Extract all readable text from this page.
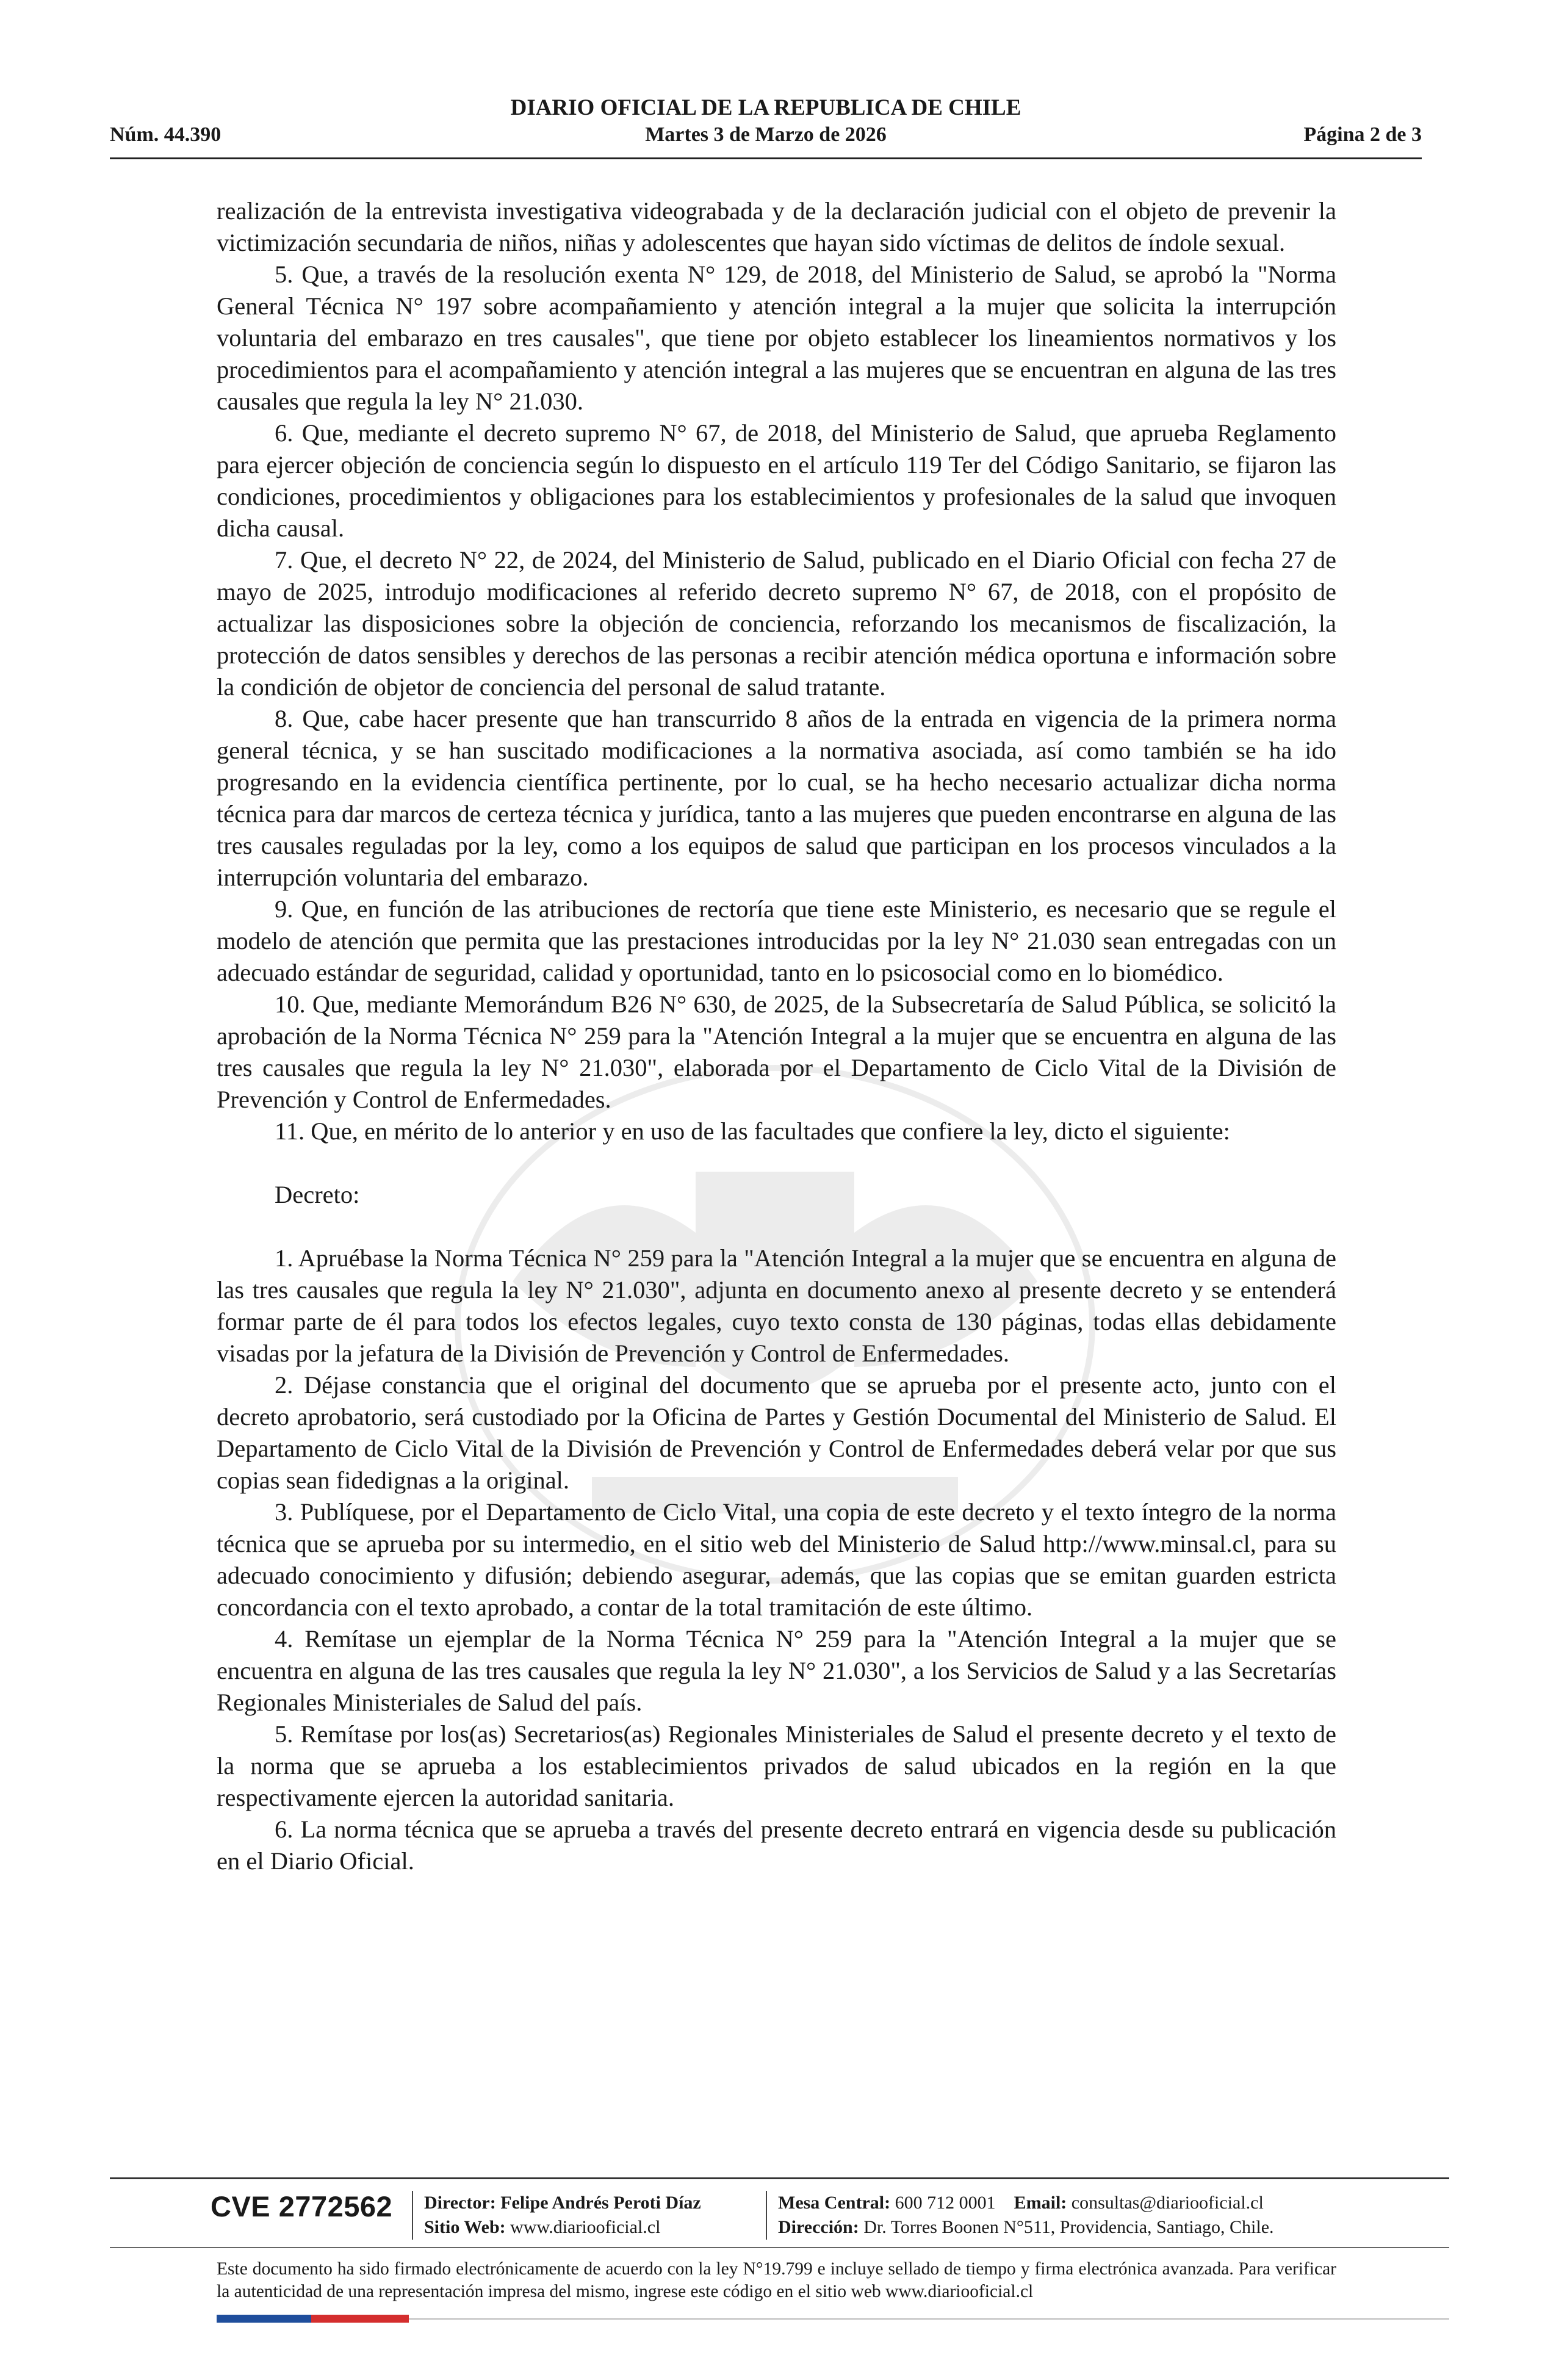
DIARIO OFICIAL DE LA REPUBLICA DE CHILE
Núm. 44.390	Martes 3 de Marzo de 2026	Página 2 de 3

realización de la entrevista investigativa videograbada y de la declaración judicial con el objeto de prevenir la victimización secundaria de niños, niñas y adolescentes que hayan sido víctimas de delitos de índole sexual.

5. Que, a través de la resolución exenta N° 129, de 2018, del Ministerio de Salud, se aprobó la "Norma General Técnica N° 197 sobre acompañamiento y atención integral a la mujer que solicita la interrupción voluntaria del embarazo en tres causales", que tiene por objeto establecer los lineamientos normativos y los procedimientos para el acompañamiento y atención integral a las mujeres que se encuentran en alguna de las tres causales que regula la ley N° 21.030.

6. Que, mediante el decreto supremo N° 67, de 2018, del Ministerio de Salud, que aprueba Reglamento para ejercer objeción de conciencia según lo dispuesto en el artículo 119 Ter del Código Sanitario, se fijaron las condiciones, procedimientos y obligaciones para los establecimientos y profesionales de la salud que invoquen dicha causal.

7. Que, el decreto N° 22, de 2024, del Ministerio de Salud, publicado en el Diario Oficial con fecha 27 de mayo de 2025, introdujo modificaciones al referido decreto supremo N° 67, de 2018, con el propósito de actualizar las disposiciones sobre la objeción de conciencia, reforzando los mecanismos de fiscalización, la protección de datos sensibles y derechos de las personas a recibir atención médica oportuna e información sobre la condición de objetor de conciencia del personal de salud tratante.

8. Que, cabe hacer presente que han transcurrido 8 años de la entrada en vigencia de la primera norma general técnica, y se han suscitado modificaciones a la normativa asociada, así como también se ha ido progresando en la evidencia científica pertinente, por lo cual, se ha hecho necesario actualizar dicha norma técnica para dar marcos de certeza técnica y jurídica, tanto a las mujeres que pueden encontrarse en alguna de las tres causales reguladas por la ley, como a los equipos de salud que participan en los procesos vinculados a la interrupción voluntaria del embarazo.

9. Que, en función de las atribuciones de rectoría que tiene este Ministerio, es necesario que se regule el modelo de atención que permita que las prestaciones introducidas por la ley N° 21.030 sean entregadas con un adecuado estándar de seguridad, calidad y oportunidad, tanto en lo psicosocial como en lo biomédico.

10. Que, mediante Memorándum B26 N° 630, de 2025, de la Subsecretaría de Salud Pública, se solicitó la aprobación de la Norma Técnica N° 259 para la "Atención Integral a la mujer que se encuentra en alguna de las tres causales que regula la ley N° 21.030", elaborada por el Departamento de Ciclo Vital de la División de Prevención y Control de Enfermedades.

11. Que, en mérito de lo anterior y en uso de las facultades que confiere la ley, dicto el siguiente:

Decreto:

1. Apruébase la Norma Técnica N° 259 para la "Atención Integral a la mujer que se encuentra en alguna de las tres causales que regula la ley N° 21.030", adjunta en documento anexo al presente decreto y se entenderá formar parte de él para todos los efectos legales, cuyo texto consta de 130 páginas, todas ellas debidamente visadas por la jefatura de la División de Prevención y Control de Enfermedades.

2. Déjase constancia que el original del documento que se aprueba por el presente acto, junto con el decreto aprobatorio, será custodiado por la Oficina de Partes y Gestión Documental del Ministerio de Salud. El Departamento de Ciclo Vital de la División de Prevención y Control de Enfermedades deberá velar por que sus copias sean fidedignas a la original.

3. Publíquese, por el Departamento de Ciclo Vital, una copia de este decreto y el texto íntegro de la norma técnica que se aprueba por su intermedio, en el sitio web del Ministerio de Salud http://www.minsal.cl, para su adecuado conocimiento y difusión; debiendo asegurar, además, que las copias que se emitan guarden estricta concordancia con el texto aprobado, a contar de la total tramitación de este último.

4. Remítase un ejemplar de la Norma Técnica N° 259 para la "Atención Integral a la mujer que se encuentra en alguna de las tres causales que regula la ley N° 21.030", a los Servicios de Salud y a las Secretarías Regionales Ministeriales de Salud del país.

5. Remítase por los(as) Secretarios(as) Regionales Ministeriales de Salud el presente decreto y el texto de la norma que se aprueba a los establecimientos privados de salud ubicados en la región en la que respectivamente ejercen la autoridad sanitaria.

6. La norma técnica que se aprueba a través del presente decreto entrará en vigencia desde su publicación en el Diario Oficial.

CVE 2772562 Director: Felipe Andrés Peroti Díaz
Sitio Web: www.diariooficial.cl
Mesa Central: 600 712 0001 Email: consultas@diariooficial.cl
Dirección: Dr. Torres Boonen N°511, Providencia, Santiago, Chile.
Este documento ha sido firmado electrónicamente de acuerdo con la ley N°19.799 e incluye sellado de tiempo y firma electrónica avanzada. Para verificar la autenticidad de una representación impresa del mismo, ingrese este código en el sitio web www.diariooficial.cl
